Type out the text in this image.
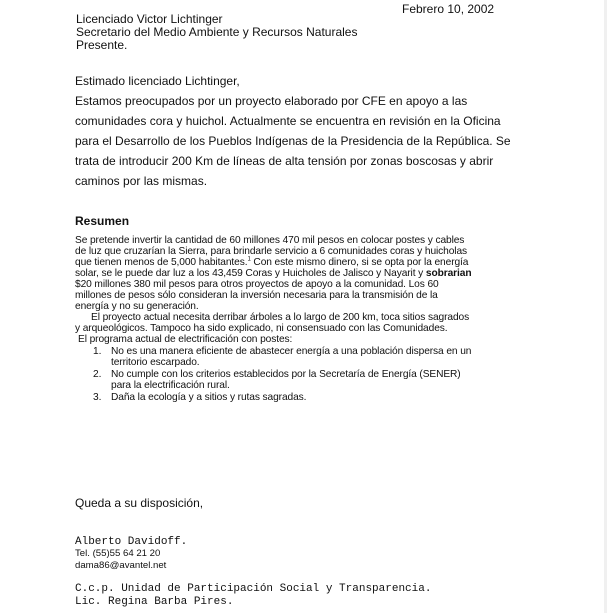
Febrero 10, 2002
Licenciado Victor Lichtinger
Secretario del Medio Ambiente y Recursos Naturales
Presente.
Estimado licenciado Lichtinger,
Estamos preocupados por un proyecto elaborado por CFE en apoyo a las
comunidades cora y huichol. Actualmente se encuentra en revisión en la Oficina
para el Desarrollo de los Pueblos Indígenas de la Presidencia de la República. Se
trata de introducir 200 Km de líneas de alta tensión por zonas boscosas y abrir
caminos por las mismas.
Resumen
Se pretende invertir la cantidad de 60 millones 470 mil pesos en colocar postes y cables
de luz que cruzarían la Sierra, para brindarle servicio a 6 comunidades coras y huicholas
que tienen menos de 5,000 habitantes.$^1$ Con este mismo dinero, si se opta por la energía
solar, se le puede dar luz a los 43,459 Coras y Huicholes de Jalisco y Nayarit y sobrarian
$20 millones 380 mil pesos para otros proyectos de apoyo a la comunidad. Los 60
millones de pesos sólo consideran la inversión necesaria para la transmisión de la
energía y no su generación.
El proyecto actual necesita derribar árboles a lo largo de 200 km, toca sitios sagrados
y arqueológicos. Tampoco ha sido explicado, ni consensuado con las Comunidades.
El programa actual de electrificación con postes:
1. No es una manera eficiente de abastecer energía a una población dispersa en un
territorio escarpado.
2. No cumple con los criterios establecidos por la Secretaría de Energía (SENER)
para la electrificación rural.
3. Daña la ecología y a sitios y rutas sagradas.
Queda a su disposición,
Alberto Davidoff.
Tel. (55)55 64 21 20
dama86@avantel.net
C.c.p. Unidad de Participación Social y Transparencia.
Lic. Regina Barba Pires.
